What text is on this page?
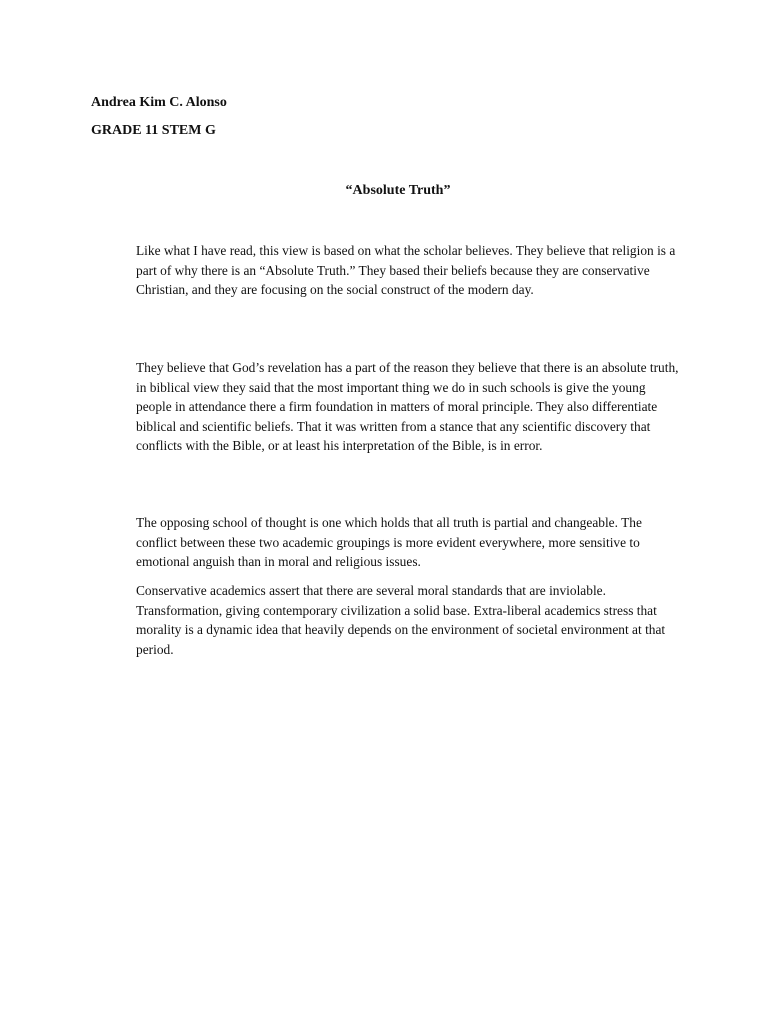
Andrea Kim C. Alonso
GRADE 11 STEM G
“Absolute Truth”

Like what I have read, this view is based on what the scholar believes. They believe that religion is a part of why there is an “Absolute Truth.” They based their beliefs because they are conservative Christian, and they are focusing on the social construct of the modern day.

They believe that God’s revelation has a part of the reason they believe that there is an absolute truth, in biblical view they said that the most important thing we do in such schools is give the young people in attendance there a firm foundation in matters of moral principle. They also differentiate biblical and scientific beliefs. That it was written from a stance that any scientific discovery that conflicts with the Bible, or at least his interpretation of the Bible, is in error.

The opposing school of thought is one which holds that all truth is partial and changeable. The conflict between these two academic groupings is more evident everywhere, more sensitive to emotional anguish than in moral and religious issues.

Conservative academics assert that there are several moral standards that are inviolable. Transformation, giving contemporary civilization a solid base. Extra-liberal academics stress that morality is a dynamic idea that heavily depends on the environment of societal environment at that period.
